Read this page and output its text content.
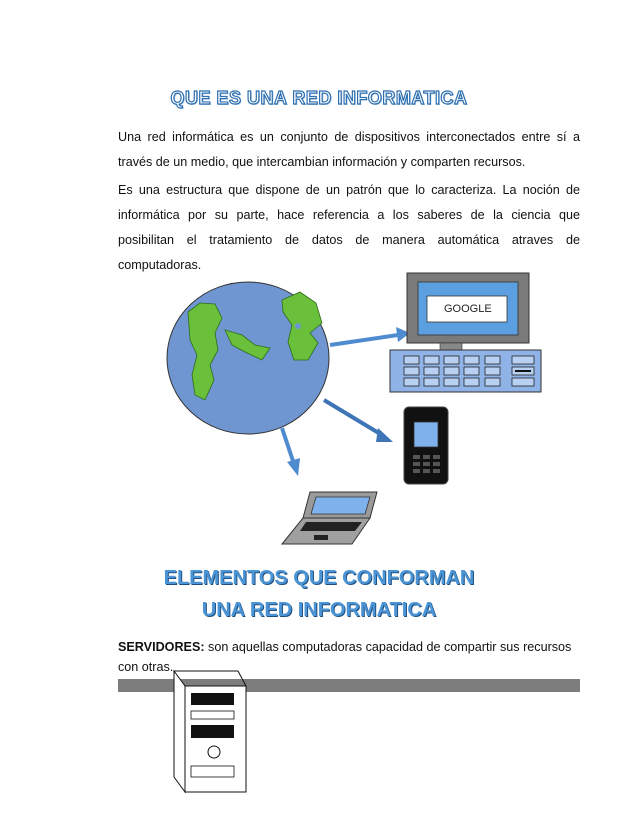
QUE ES UNA RED INFORMATICA
Una red informática es un conjunto de dispositivos interconectados entre sí a través de un medio, que intercambian información y comparten recursos.
Es una estructura que dispone de un patrón que lo caracteriza. La noción de informática por su parte, hace referencia a los saberes de la ciencia que posibilitan el tratamiento de datos de manera automática atraves de computadoras.
GOOGLE
ELEMENTOS QUE CONFORMAN
UNA RED INFORMATICA
SERVIDORES: son aquellas computadoras capacidad de compartir sus recursos con otras.
